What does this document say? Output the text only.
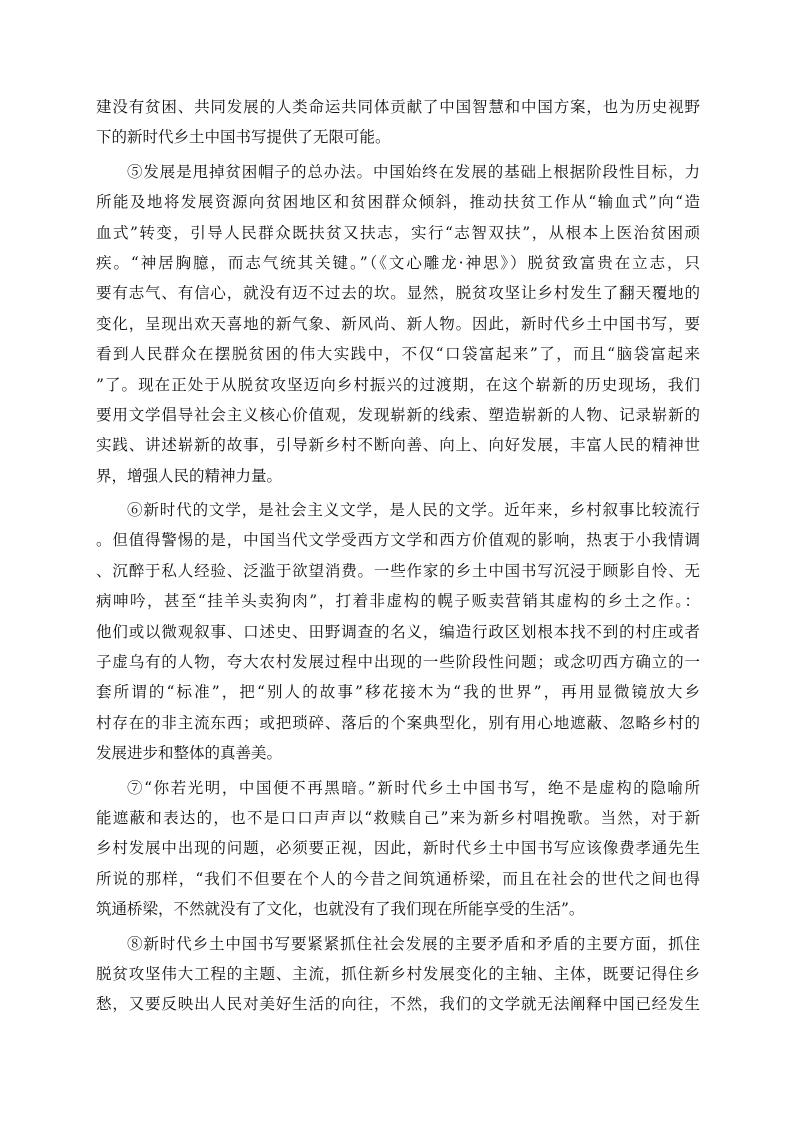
建没有贫困、共同发展的人类命运共同体贡献了中国智慧和中国方案，也为历史视野
下的新时代乡土中国书写提供了无限可能。
⑤发展是甩掉贫困帽子的总办法。中国始终在发展的基础上根据阶段性目标，力
所能及地将发展资源向贫困地区和贫困群众倾斜，推动扶贫工作从“输血式”向“造
血式”转变，引导人民群众既扶贫又扶志，实行“志智双扶”，从根本上医治贫困顽
疾。“神居胸臆，而志气统其关键。”（《文心雕龙·神思》）脱贫致富贵在立志，只
要有志气、有信心，就没有迈不过去的坎。显然，脱贫攻坚让乡村发生了翻天覆地的
变化，呈现出欢天喜地的新气象、新风尚、新人物。因此，新时代乡土中国书写，要
看到人民群众在摆脱贫困的伟大实践中，不仅“口袋富起来”了，而且“脑袋富起来
”了。现在正处于从脱贫攻坚迈向乡村振兴的过渡期，在这个崭新的历史现场，我们
要用文学倡导社会主义核心价值观，发现崭新的线索、塑造崭新的人物、记录崭新的
实践、讲述崭新的故事，引导新乡村不断向善、向上、向好发展，丰富人民的精神世
界，增强人民的精神力量。
⑥新时代的文学，是社会主义文学，是人民的文学。近年来，乡村叙事比较流行
。但值得警惕的是，中国当代文学受西方文学和西方价值观的影响，热衷于小我情调
、沉醉于私人经验、泛滥于欲望消费。一些作家的乡土中国书写沉浸于顾影自怜、无
病呻吟，甚至“挂羊头卖狗肉”，打着非虚构的幌子贩卖营销其虚构的乡土之作。：
他们或以微观叙事、口述史、田野调查的名义，编造行政区划根本找不到的村庄或者
子虚乌有的人物，夸大农村发展过程中出现的一些阶段性问题；或念叨西方确立的一
套所谓的“标准”，把“别人的故事”移花接木为“我的世界”，再用显微镜放大乡
村存在的非主流东西；或把琐碎、落后的个案典型化，别有用心地遮蔽、忽略乡村的
发展进步和整体的真善美。
⑦“你若光明，中国便不再黑暗。”新时代乡土中国书写，绝不是虚构的隐喻所
能遮蔽和表达的，也不是口口声声以“救赎自己”来为新乡村唱挽歌。当然，对于新
乡村发展中出现的问题，必须要正视，因此，新时代乡土中国书写应该像费孝通先生
所说的那样，“我们不但要在个人的今昔之间筑通桥梁，而且在社会的世代之间也得
筑通桥梁，不然就没有了文化，也就没有了我们现在所能享受的生活”。
⑧新时代乡土中国书写要紧紧抓住社会发展的主要矛盾和矛盾的主要方面，抓住
脱贫攻坚伟大工程的主题、主流，抓住新乡村发展变化的主轴、主体，既要记得住乡
愁，又要反映出人民对美好生活的向往，不然，我们的文学就无法阐释中国已经发生
